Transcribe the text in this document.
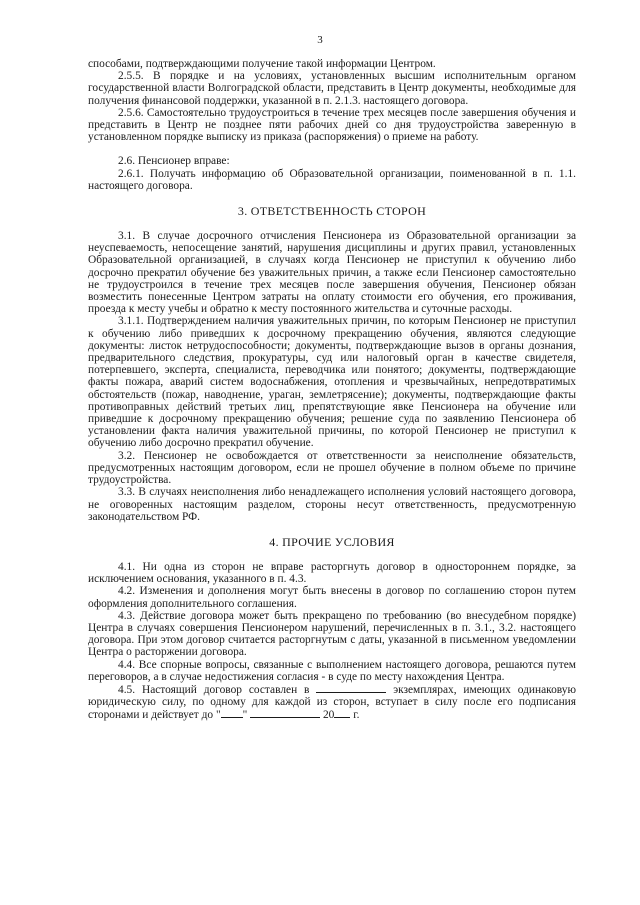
3

способами, подтверждающими получение такой информации Центром.

2.5.5. В порядке и на условиях, установленных высшим исполнительным органом государственной власти Волгоградской области, представить в Центр документы, необходимые для получения финансовой поддержки, указанной в п. 2.1.3. настоящего договора.

2.5.6. Самостоятельно трудоустроиться в течение трех месяцев после завершения обучения и представить в Центр не позднее пяти рабочих дней со дня трудоустройства заверенную в установленном порядке выписку из приказа (распоряжения) о приеме на работу.

2.6. Пенсионер вправе:

2.6.1. Получать информацию об Образовательной организации, поименованной в п. 1.1. настоящего договора.

3. ОТВЕТСТВЕННОСТЬ СТОРОН

3.1. В случае досрочного отчисления Пенсионера из Образовательной организации за неуспеваемость, непосещение занятий, нарушения дисциплины и других правил, установленных Образовательной организацией, в случаях когда Пенсионер не приступил к обучению либо досрочно прекратил обучение без уважительных причин, а также если Пенсионер самостоятельно не трудоустроился в течение трех месяцев после завершения обучения, Пенсионер обязан возместить понесенные Центром затраты на оплату стоимости его обучения, его проживания, проезда к месту учебы и обратно к месту постоянного жительства и суточные расходы.

3.1.1. Подтверждением наличия уважительных причин, по которым Пенсионер не приступил к обучению либо приведших к досрочному прекращению обучения, являются следующие документы: листок нетрудоспособности; документы, подтверждающие вызов в органы дознания, предварительного следствия, прокуратуры, суд или налоговый орган в качестве свидетеля, потерпевшего, эксперта, специалиста, переводчика или понятого; документы, подтверждающие факты пожара, аварий систем водоснабжения, отопления и чрезвычайных, непредотвратимых обстоятельств (пожар, наводнение, ураган, землетрясение); документы, подтверждающие факты противоправных действий третьих лиц, препятствующие явке Пенсионера на обучение или приведшие к досрочному прекращению обучения; решение суда по заявлению Пенсионера об установлении факта наличия уважительной причины, по которой Пенсионер не приступил к обучению либо досрочно прекратил обучение.

3.2. Пенсионер не освобождается от ответственности за неисполнение обязательств, предусмотренных настоящим договором, если не прошел обучение в полном объеме по причине трудоустройства.

3.3. В случаях неисполнения либо ненадлежащего исполнения условий настоящего договора, не оговоренных настоящим разделом, стороны несут ответственность, предусмотренную законодательством РФ.

4. ПРОЧИЕ УСЛОВИЯ

4.1. Ни одна из сторон не вправе расторгнуть договор в одностороннем порядке, за исключением основания, указанного в п. 4.3.

4.2. Изменения и дополнения могут быть внесены в договор по соглашению сторон путем оформления дополнительного соглашения.

4.3. Действие договора может быть прекращено по требованию (во внесудебном порядке) Центра в случаях совершения Пенсионером нарушений, перечисленных в п. 3.1., 3.2. настоящего договора. При этом договор считается расторгнутым с даты, указанной в письменном уведомлении Центра о расторжении договора.

4.4. Все спорные вопросы, связанные с выполнением настоящего договора, решаются путем переговоров, а в случае недостижения согласия - в суде по месту нахождения Центра.

4.5. Настоящий договор составлен в	экземплярах, имеющих одинаковую юридическую силу, по одному для каждой из сторон, вступает в силу после его подписания сторонами и действует до " "	20 г.
